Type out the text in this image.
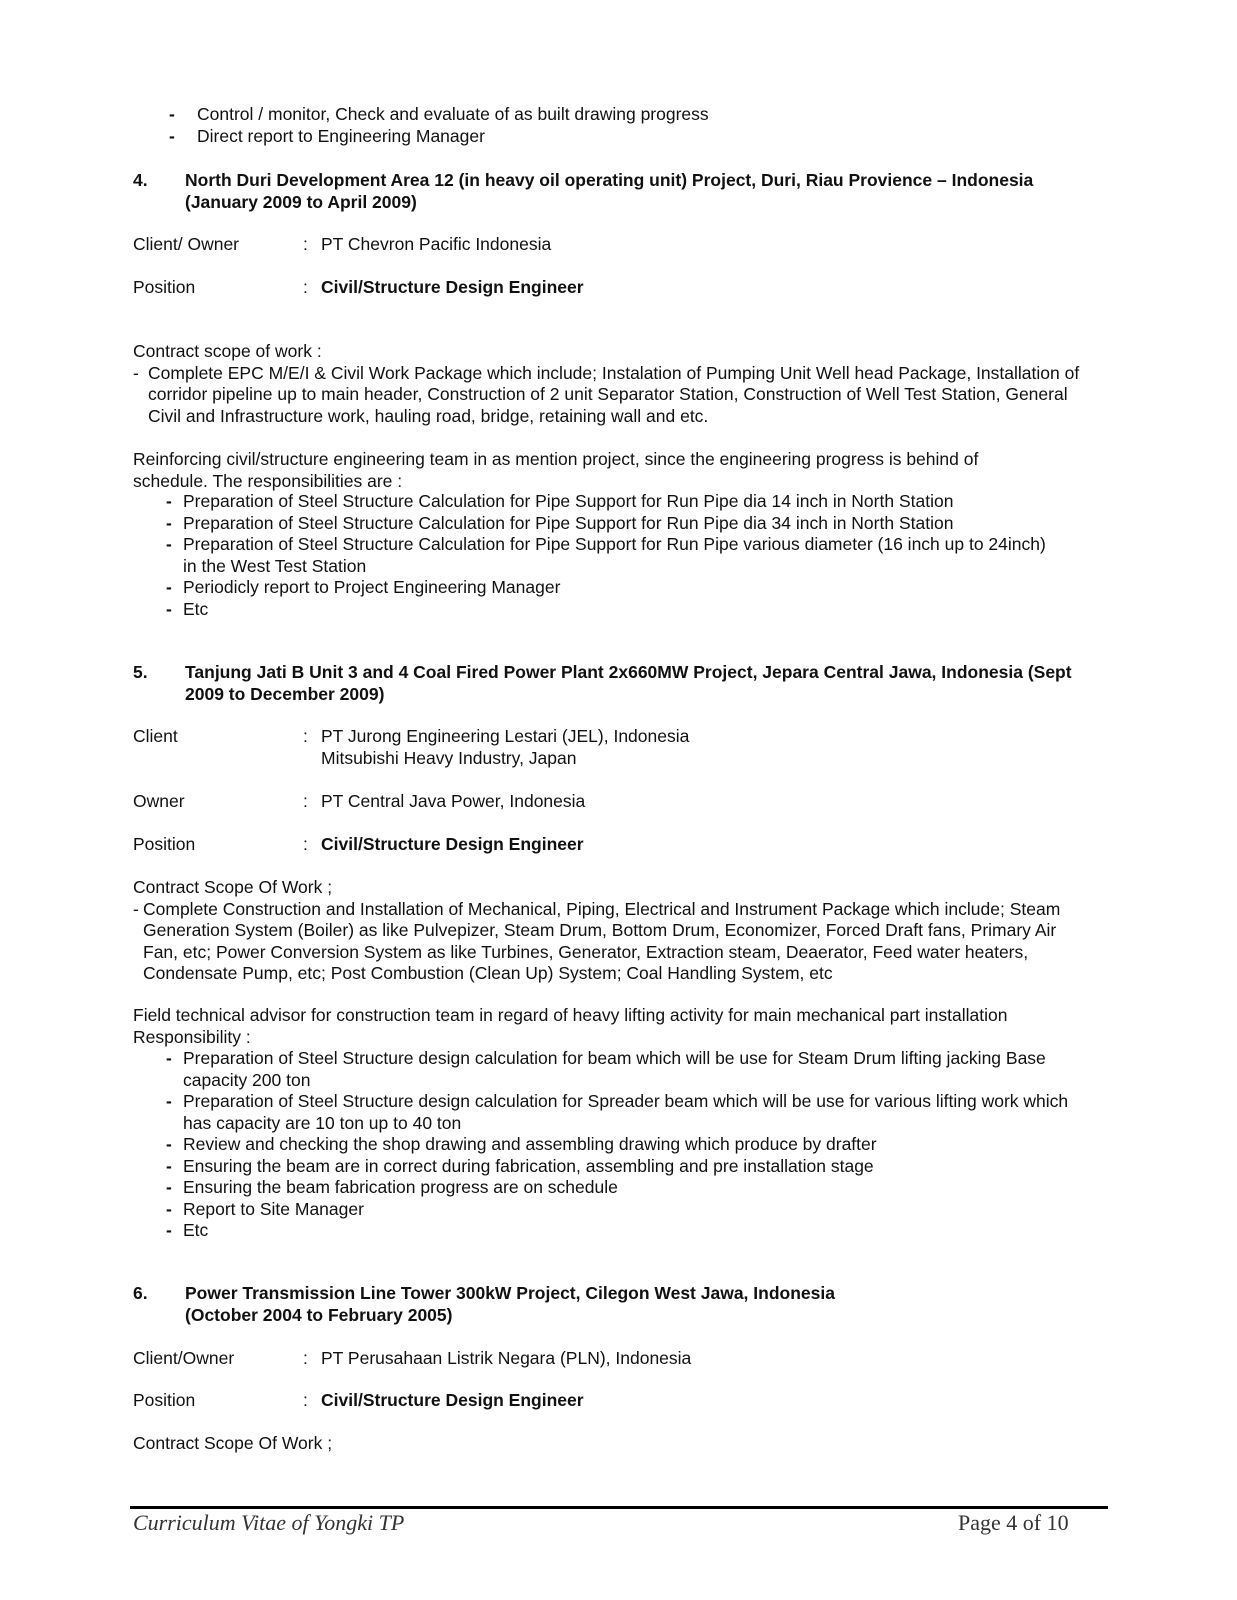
- Control / monitor, Check and evaluate of as built drawing progress
- Direct report to Engineering Manager
4. North Duri Development Area 12 (in heavy oil operating unit) Project, Duri, Riau Provience – Indonesia (January 2009 to April 2009)
Client/ Owner	: PT Chevron Pacific Indonesia
Position	: Civil/Structure Design Engineer
Contract scope of work :
- Complete EPC M/E/I & Civil Work Package which include; Instalation of Pumping Unit Well head Package, Installation of corridor pipeline up to main header, Construction of 2 unit Separator Station, Construction of Well Test Station, General Civil and Infrastructure work, hauling road, bridge, retaining wall and etc.
Reinforcing civil/structure engineering team in as mention project, since the engineering progress is behind of schedule. The responsibilities are :
- Preparation of Steel Structure Calculation for Pipe Support for Run Pipe dia 14 inch in North Station
- Preparation of Steel Structure Calculation for Pipe Support for Run Pipe dia 34 inch in North Station
- Preparation of Steel Structure Calculation for Pipe Support for Run Pipe various diameter (16 inch up to 24inch) in the West Test Station
- Periodicly report to Project Engineering Manager
- Etc
5. Tanjung Jati B Unit 3 and 4 Coal Fired Power Plant 2x660MW Project, Jepara Central Jawa, Indonesia (Sept 2009 to December 2009)
Client	: PT Jurong Engineering Lestari (JEL), Indonesia
Mitsubishi Heavy Industry, Japan
Owner	: PT Central Java Power, Indonesia
Position	: Civil/Structure Design Engineer
Contract Scope Of Work ;
- Complete Construction and Installation of Mechanical, Piping, Electrical and Instrument Package which include; Steam Generation System (Boiler) as like Pulvepizer, Steam Drum, Bottom Drum, Economizer, Forced Draft fans, Primary Air Fan, etc; Power Conversion System as like Turbines, Generator, Extraction steam, Deaerator, Feed water heaters, Condensate Pump, etc; Post Combustion (Clean Up) System; Coal Handling System, etc
Field technical advisor for construction team in regard of heavy lifting activity for main mechanical part installation
Responsibility :
- Preparation of Steel Structure design calculation for beam which will be use for Steam Drum lifting jacking Base capacity 200 ton
- Preparation of Steel Structure design calculation for Spreader beam which will be use for various lifting work which has capacity are 10 ton up to 40 ton
- Review and checking the shop drawing and assembling drawing which produce by drafter
- Ensuring the beam are in correct during fabrication, assembling and pre installation stage
- Ensuring the beam fabrication progress are on schedule
- Report to Site Manager
- Etc
6. Power Transmission Line Tower 300kW Project, Cilegon West Jawa, Indonesia
(October 2004 to February 2005)
Client/Owner	: PT Perusahaan Listrik Negara (PLN), Indonesia
Position	: Civil/Structure Design Engineer
Contract Scope Of Work ;
Curriculum Vitae of Yongki TP	Page 4 of 10
